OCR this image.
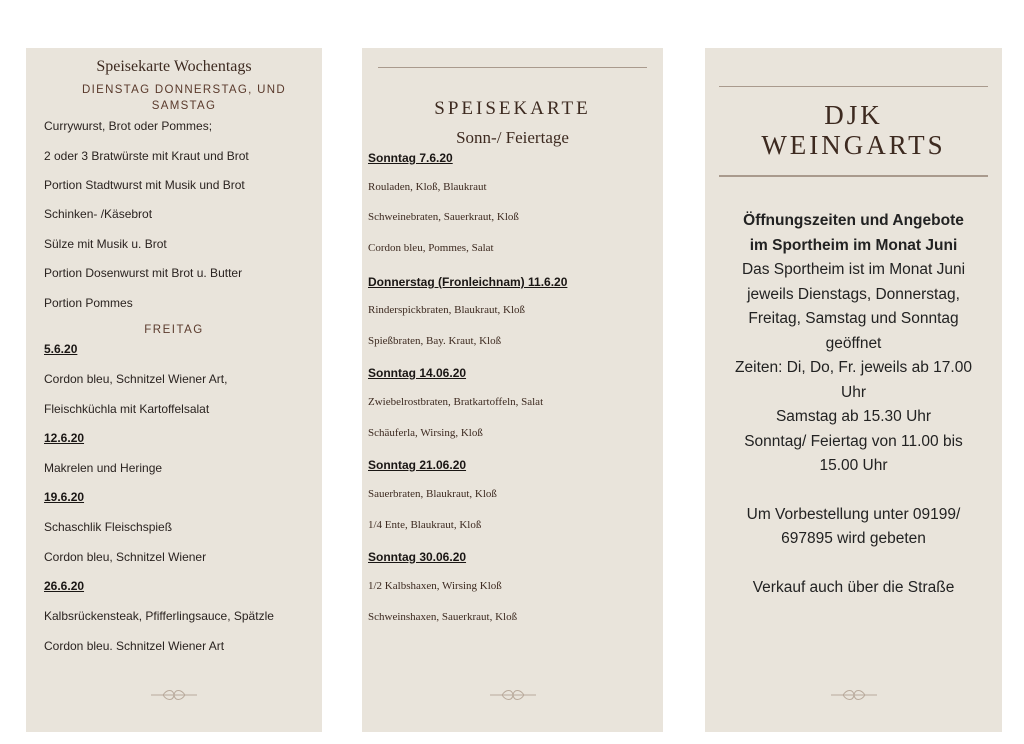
Speisekarte Wochentags
DIENSTAG DONNERSTAG, UND
SAMSTAG
Currywurst, Brot oder Pommes;
2 oder 3 Bratwürste mit Kraut und Brot
Portion Stadtwurst mit Musik und Brot
Schinken- /Käsebrot
Sülze mit Musik u. Brot
Portion Dosenwurst mit Brot u. Butter
Portion Pommes
FREITAG
5.6.20
Cordon bleu, Schnitzel Wiener Art,
Fleischküchla mit Kartoffelsalat
12.6.20
Makrelen und Heringe
19.6.20
Schaschlik Fleischspieß
Cordon bleu, Schnitzel Wiener
26.6.20
Kalbsrückensteak, Pfifferlingsauce, Spätzle
Cordon bleu. Schnitzel Wiener Art
SPEISEKARTE
Sonn-/ Feiertage
Sonntag 7.6.20
Rouladen, Kloß, Blaukraut
Schweinebraten, Sauerkraut, Kloß
Cordon bleu, Pommes, Salat
Donnerstag (Fronleichnam) 11.6.20
Rinderspickbraten, Blaukraut, Kloß
Spießbraten, Bay. Kraut, Kloß
Sonntag 14.06.20
Zwiebelrostbraten, Bratkartoffeln, Salat
Schäuferla, Wirsing, Kloß
Sonntag 21.06.20
Sauerbraten, Blaukraut, Kloß
1/4 Ente, Blaukraut, Kloß
Sonntag 30.06.20
1/2 Kalbshaxen, Wirsing Kloß
Schweinshaxen, Sauerkraut, Kloß
DJK
WEINGARTS
Öffnungszeiten und Angebote
im Sportheim im Monat Juni
Das Sportheim ist im Monat Juni
jeweils Dienstags, Donnerstag,
Freitag, Samstag und Sonntag
geöffnet
Zeiten: Di, Do, Fr. jeweils ab 17.00
Uhr
Samstag ab 15.30 Uhr
Sonntag/ Feiertag von 11.00 bis
15.00 Uhr
Um Vorbestellung unter 09199/
697895 wird gebeten
Verkauf auch über die Straße
